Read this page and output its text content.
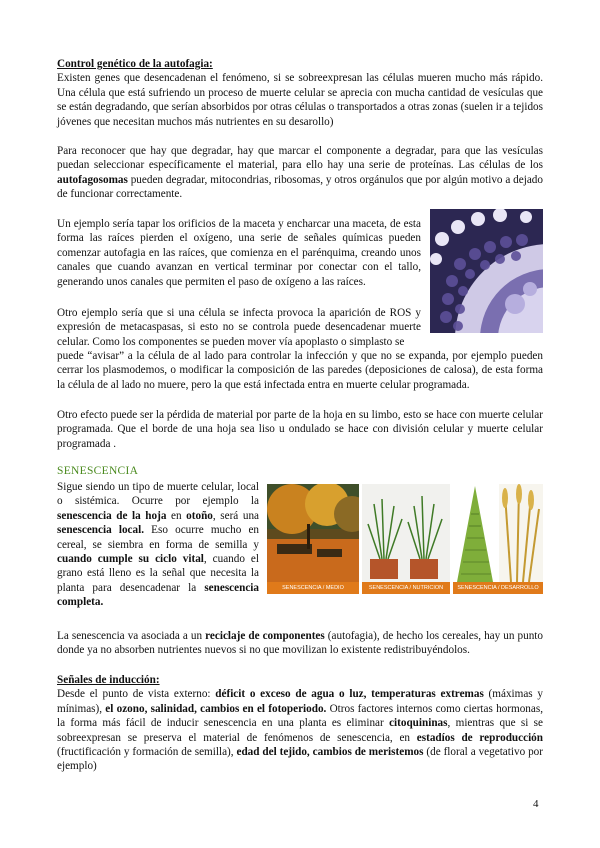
Control genético de la autofagia:
Existen genes que desencadenan el fenómeno, si se sobreexpresan las células mueren mucho más rápido. Una célula que está sufriendo un proceso de muerte celular se aprecia con mucha cantidad de vesículas que se están degradando, que serían absorbidos por otras células o transportados a otras zonas (suelen ir a tejidos jóvenes que necesitan muchos más nutrientes en su desarollo)
Para reconocer que hay que degradar, hay que marcar el componente a degradar, para que las vesículas puedan seleccionar específicamente el material, para ello hay una serie de proteínas. Las células de los autofagosomas pueden degradar, mitocondrias, ribosomas, y otros orgánulos que por algún motivo a dejado de funcionar correctamente.
Un ejemplo sería tapar los orificios de la maceta y encharcar una maceta, de esta forma las raíces pierden el oxígeno, una serie de señales químicas pueden comenzar autofagia en las raíces, que comienza en el parénquima, creando unos canales que cuando avanzan en vertical terminar por conectar con el tallo, generando unos canales que permiten el paso de oxígeno a las raíces.
Otro ejemplo sería que si una célula se infecta provoca la aparición de ROS y expresión de metacaspasas, si esto no se controla puede desencadenar muerte celular. Como los componentes se pueden mover vía apoplasto o simplasto se
puede “avisar” a la célula de al lado para controlar la infección y que no se expanda, por ejemplo pueden cerrar los plasmodemos, o modificar la composición de las paredes (deposiciones de calosa), de esta forma la célula de al lado no muere, pero la que está infectada entra en muerte celular programada.
Otro efecto puede ser la pérdida de material por parte de la hoja en su limbo, esto se hace con muerte celular programada. Que el borde de una hoja sea liso u ondulado se hace con división celular y muerte celular programada .
SENESCENCIA
Sigue siendo un tipo de muerte celular, local o sistémica. Ocurre por ejemplo la senescencia de la hoja en otoño, será una senescencia local. Eso ocurre mucho en cereal, se siembra en forma de semilla y cuando cumple su ciclo vital, cuando el grano está lleno es la señal que necesita la planta para desencadenar la senescencia completa.
SENESCENCIA / MEDIO	SENESCENCIA / NUTRICION	SENESCENCIA / DESARROLLO
La senescencia va asociada a un reciclaje de componentes (autofagia), de hecho los cereales, hay un punto donde ya no absorben nutrientes nuevos si no que movilizan lo existente redistribuyéndolos.
Señales de inducción:
Desde el punto de vista externo: déficit o exceso de agua o luz, temperaturas extremas (máximas y mínimas), el ozono, salinidad, cambios en el fotoperiodo. Otros factores internos como ciertas hormonas, la forma más fácil de inducir senescencia en una planta es eliminar citoquininas, mientras que si se sobreexpresan se preserva el material de fenómenos de senescencia, en estadíos de reproducción (fructificación y formación de semilla), edad del tejido, cambios de meristemos (de floral a vegetativo por ejemplo)
4
